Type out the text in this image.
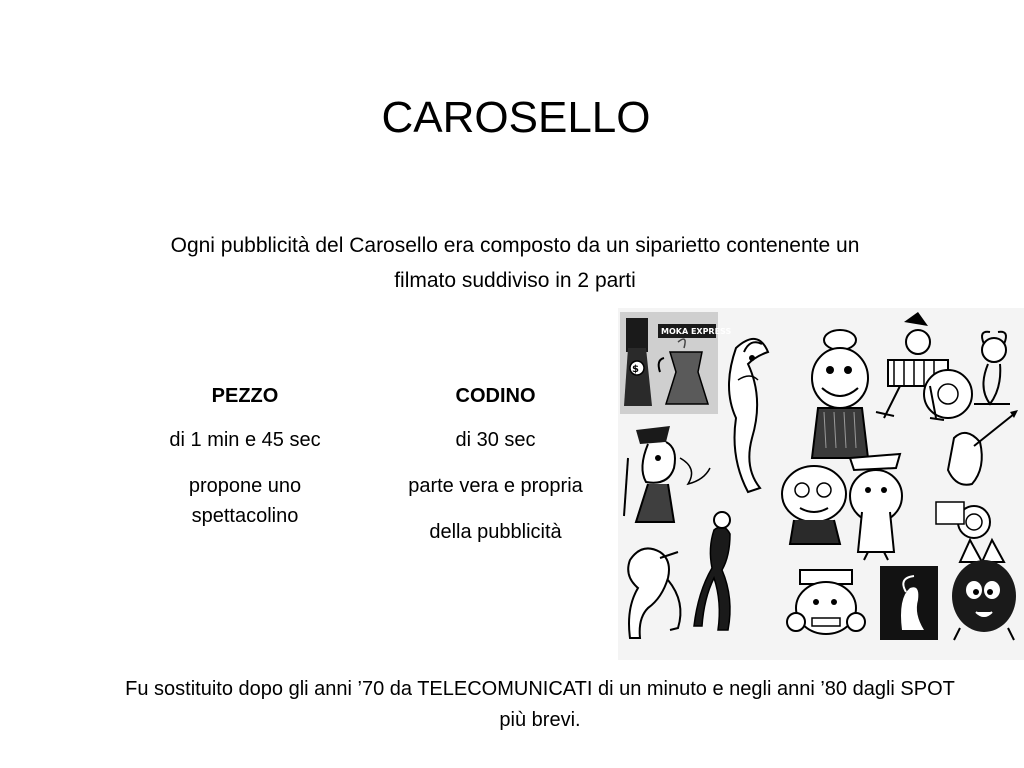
CAROSELLO
Ogni pubblicità del Carosello era composto da un siparietto contenente un filmato suddiviso in 2 parti
PEZZO
di 1 min e 45 sec
propone uno spettacolino
CODINO
di 30 sec
parte vera e propria
della pubblicità
$
MOKA EXPRESS
Fu sostituito dopo gli anni ’70 da TELECOMUNICATI di un minuto e negli anni ’80 dagli SPOT più brevi.
